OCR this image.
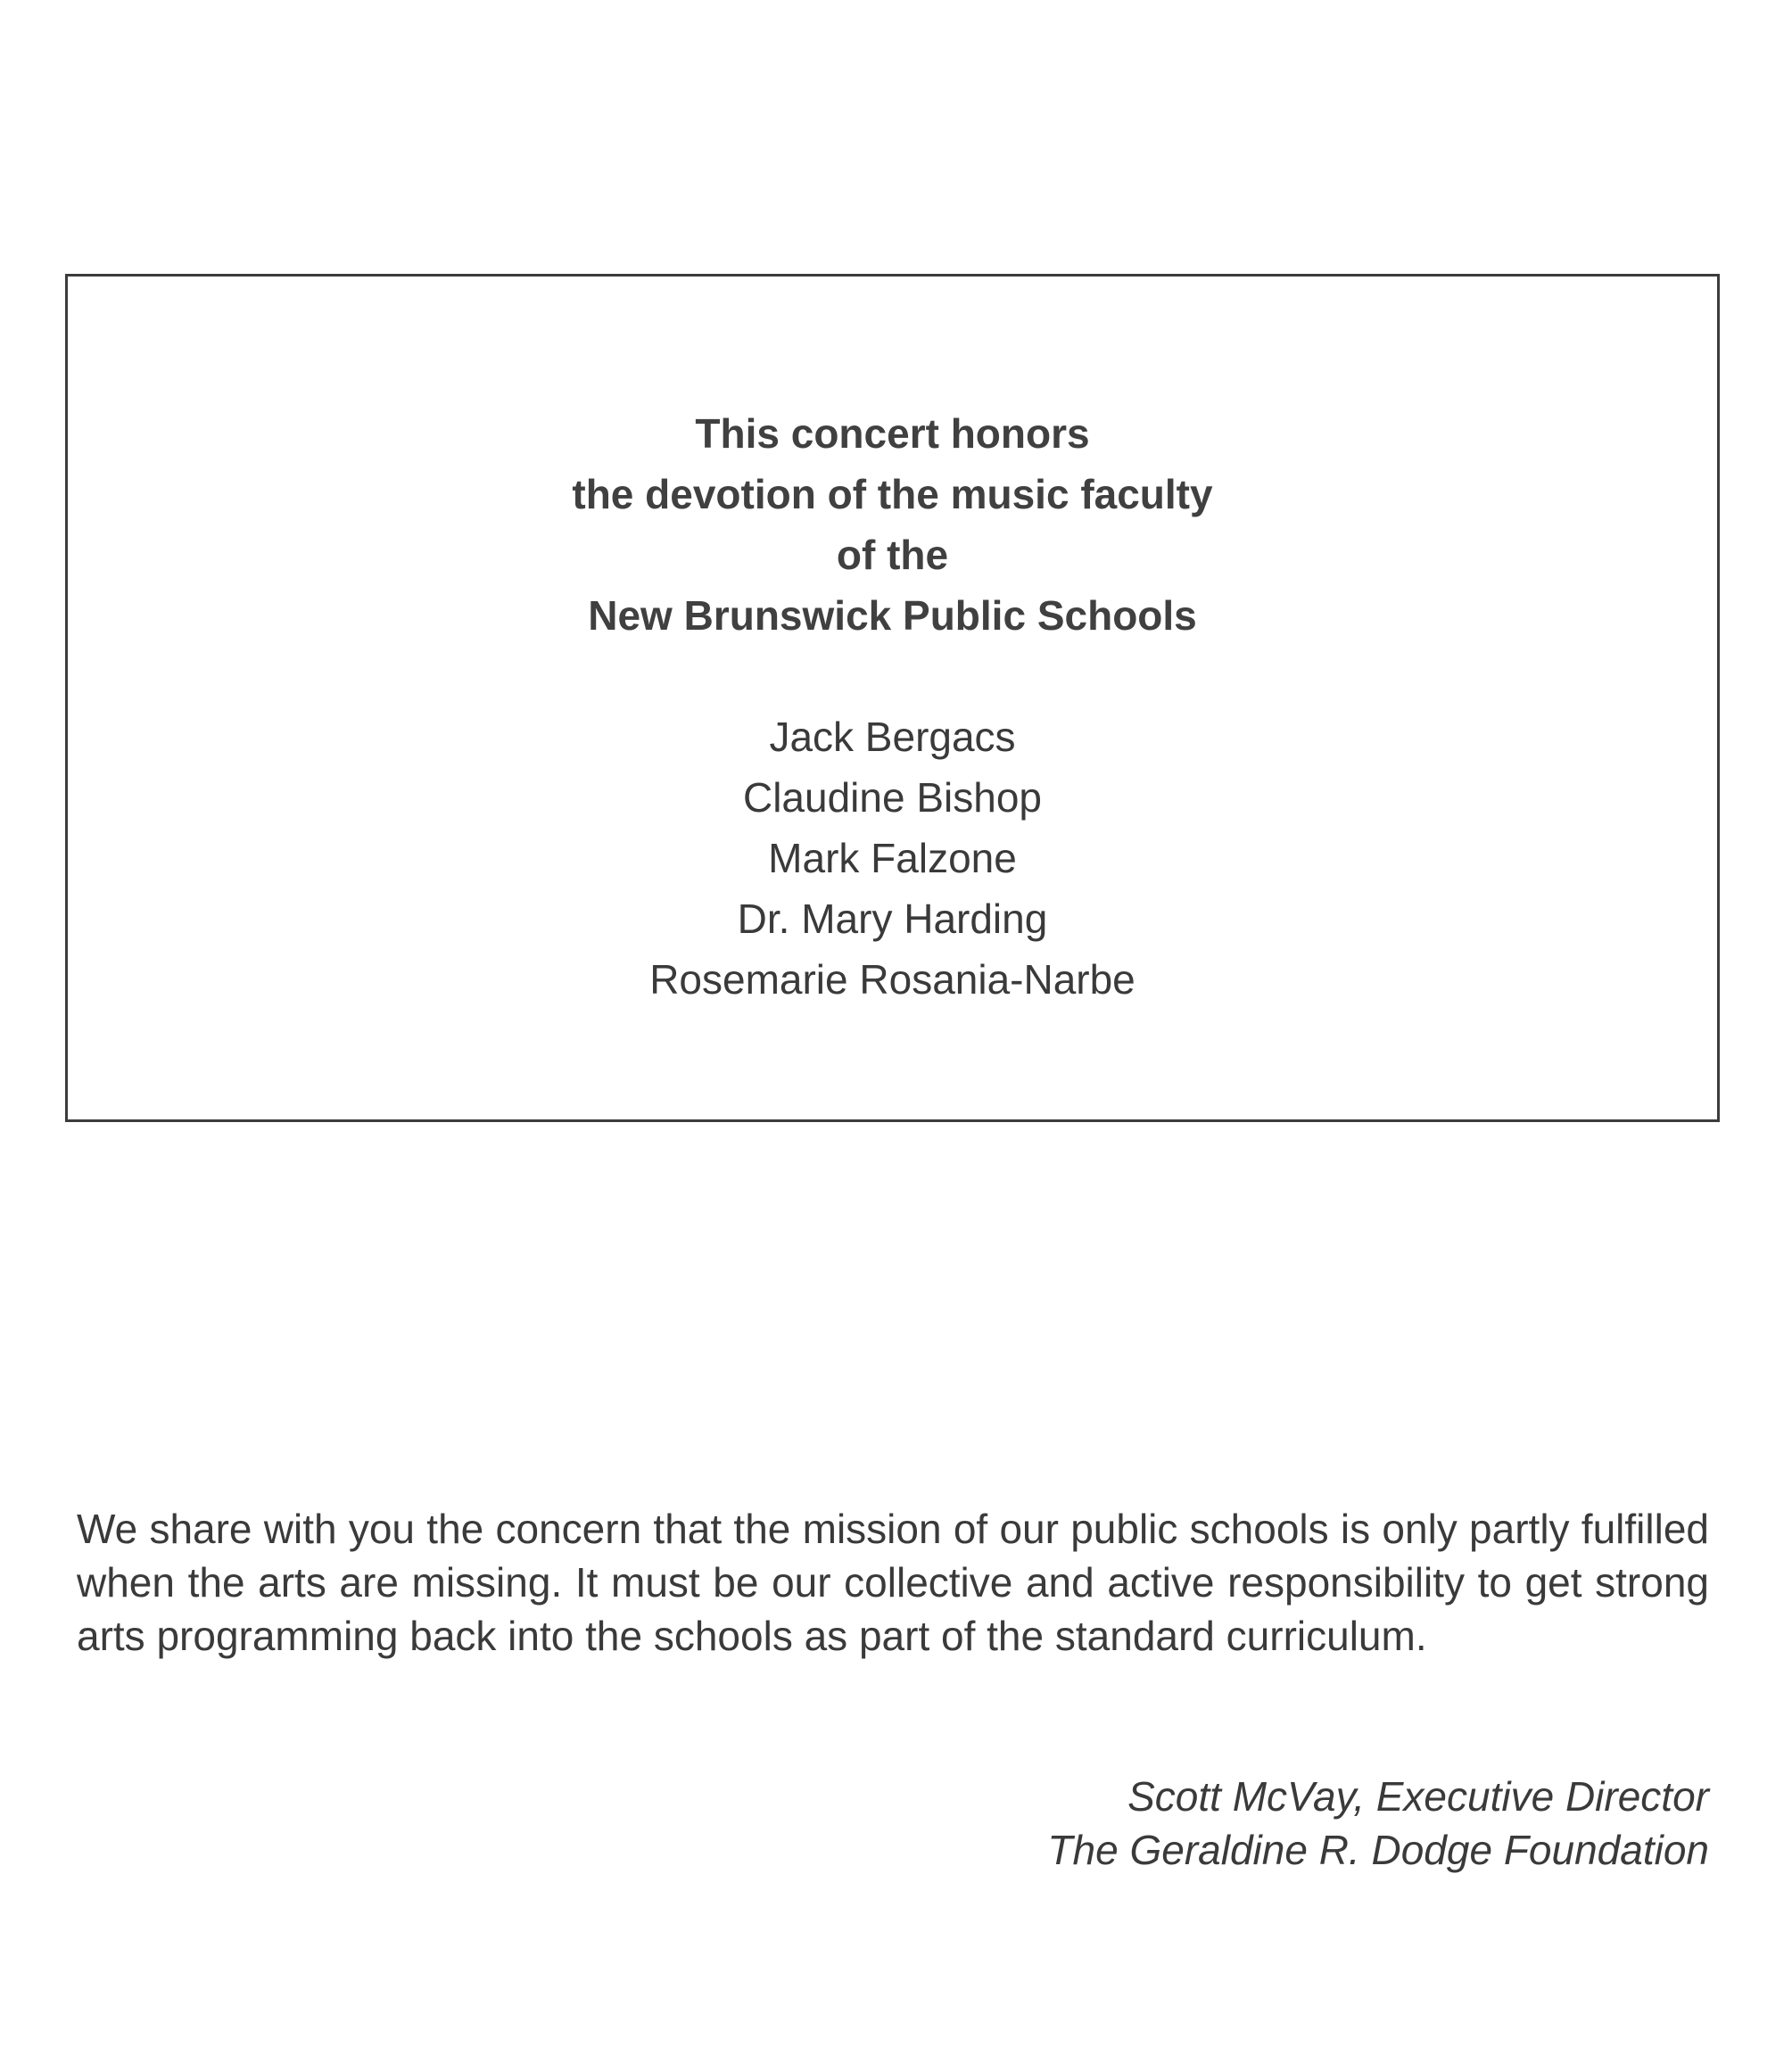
This concert honors
the devotion of the music faculty
of the
New Brunswick Public Schools
Jack Bergacs
Claudine Bishop
Mark Falzone
Dr. Mary Harding
Rosemarie Rosania-Narbe
We share with you the concern that the mission of our public schools is only partly fulfilled when the arts are missing. It must be our collective and active responsibility to get strong arts programming back into the schools as part of the standard curriculum.
Scott McVay, Executive Director
The Geraldine R. Dodge Foundation
